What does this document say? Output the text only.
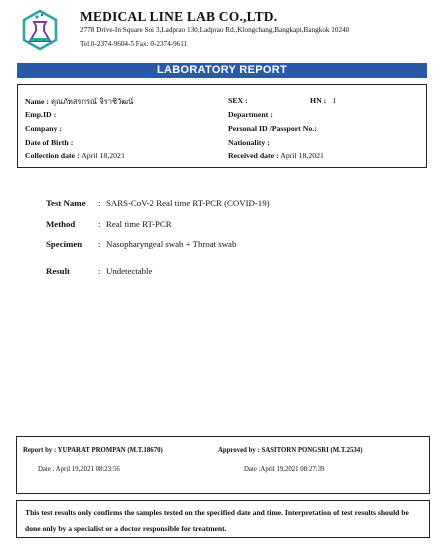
MEDICAL LINE LAB CO.,LTD.
2778 Drive-In Square Soi 3,Ladprao 130,Ladprao Rd.,Klongchang,Bangkapi,Bangkok 10240
Tel.0-2374-9604-5 Fax: 0-2374-9611
LABORATORY REPORT
Name : คุณภัทสรกรณ์ จิราชิวัฒน์
Emp.ID :
Company :
Date of Birth :
Collection date : April 18,2021
SEX :	HN : 1
Department :
Personal ID /Passport No.:
Nationality :
Received date : April 18,2021
Test Name : SARS-CoV-2 Real time RT-PCR (COVID-19)
Method	: Real time RT-PCR
Specimen : Nasopharyngeal swab + Throat swab
Result	: Undetectable
Report by : YUPARAT PROMPAN (M.T.18670)
Date : April 19,2021 08:23:56
Approved by : SASITORN PONGSRI (M.T.2534)
Date :April 19,2021 08:27:39
This test results only confirms the samples tested on the specified date and time. Interpretation of test results should be done only by a specialist or a doctor responsible for treatment.
